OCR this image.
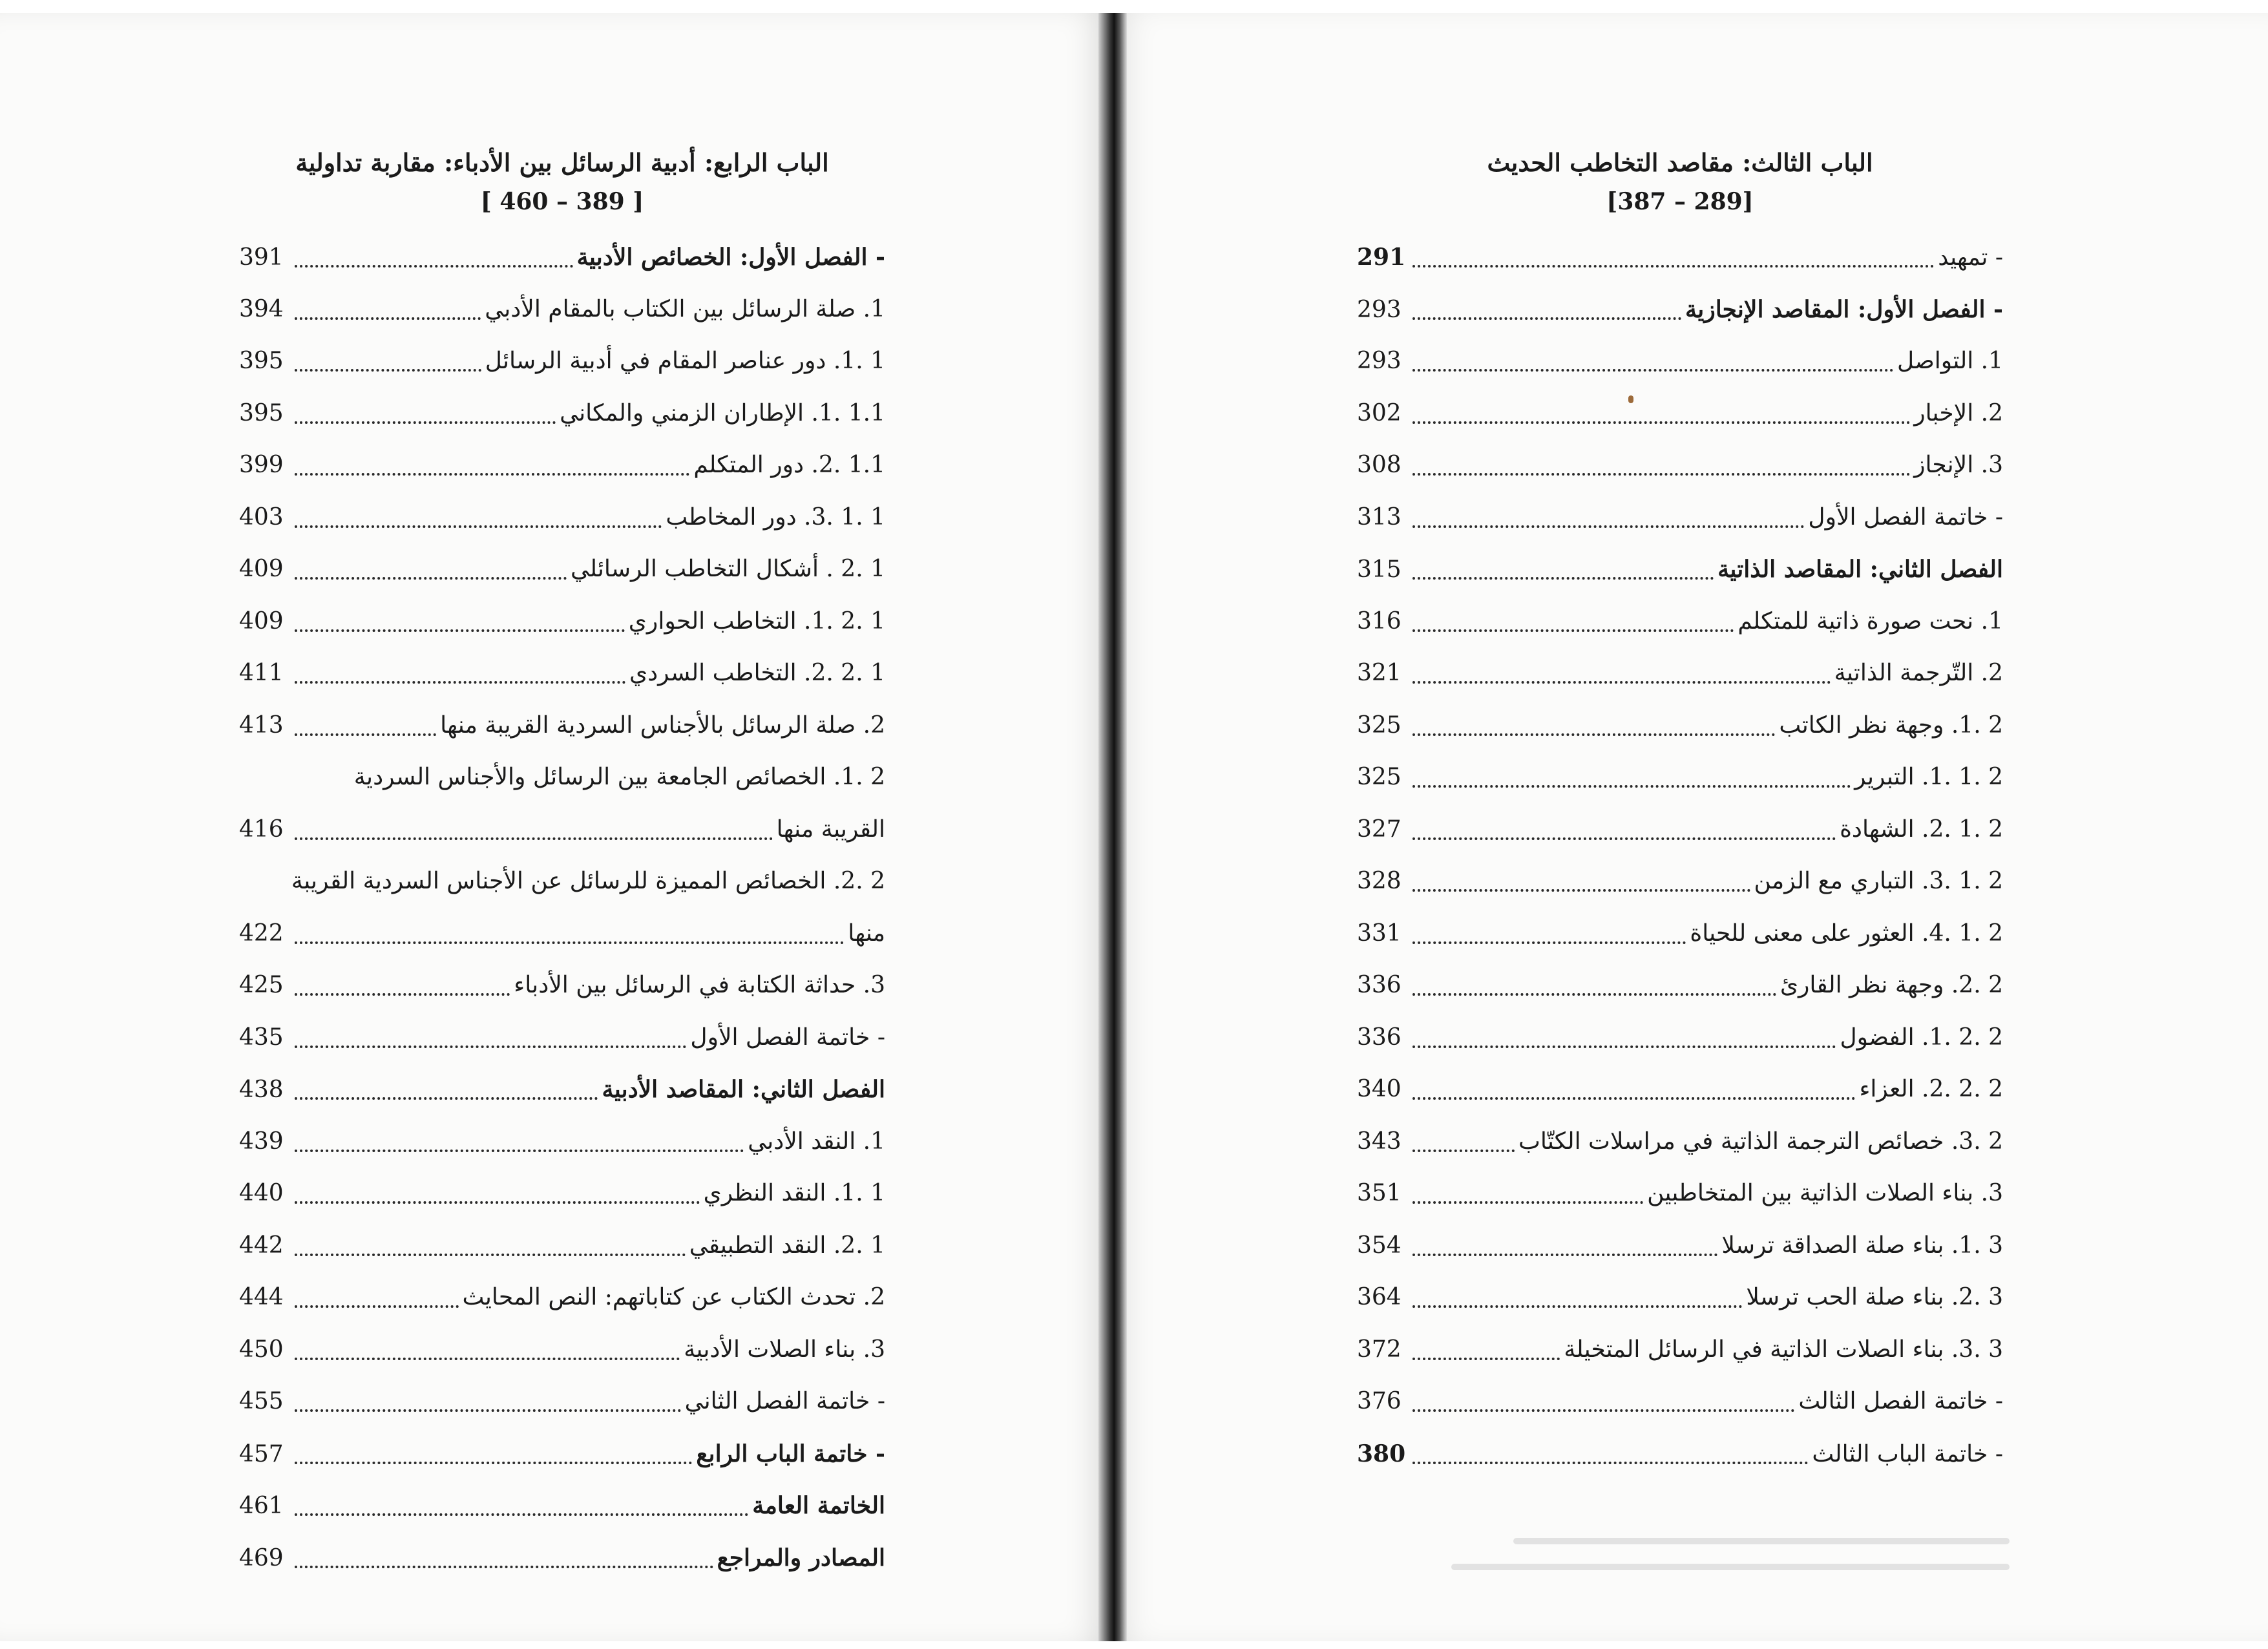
الباب الرابع: أدبية الرسائل بين الأدباء: مقاربة تداولية
[ 460 – 389 ]
- الفصل الأول: الخصائص الأدبية
391
1. صلة الرسائل بين الكتاب بالمقام الأدبي
394
1 .1. دور عناصر المقام في أدبية الرسائل
395
1.1 .1. الإطاران الزمني والمكاني
395
1.1 .2. دور المتكلم
399
1 .1 .3. دور المخاطب
403
1 .2 . أشكال التخاطب الرسائلي
409
1 .2 .1. التخاطب الحواري
409
1 .2 .2. التخاطب السردي
411
2. صلة الرسائل بالأجناس السردية القريبة منها
413
2 .1. الخصائص الجامعة بين الرسائل والأجناس السردية
القريبة منها
416
2 .2. الخصائص المميزة للرسائل عن الأجناس السردية القريبة
منها
422
3. حداثة الكتابة في الرسائل بين الأدباء
425
- خاتمة الفصل الأول
435
الفصل الثاني: المقاصد الأدبية
438
1. النقد الأدبي
439
1 .1. النقد النظري
440
1 .2. النقد التطبيقي
442
2. تحدث الكتاب عن كتاباتهم: النص المحايث
444
3. بناء الصلات الأدبية
450
- خاتمة الفصل الثاني
455
- خاتمة الباب الرابع
457
الخاتمة العامة
461
المصادر والمراجع
469
الباب الثالث: مقاصد التخاطب الحديث
[387 – 289]
- تمهيد
291
- الفصل الأول: المقاصد الإنجازية
293
1. التواصل
293
2. الإخبار
302
3. الإنجاز
308
- خاتمة الفصل الأول
313
الفصل الثاني: المقاصد الذاتية
315
1. نحت صورة ذاتية للمتكلم
316
2. التّرجمة الذاتية
321
2 .1. وجهة نظر الكاتب
325
2 .1 .1. التبرير
325
2 .1 .2. الشهادة
327
2 .1 .3. التباري مع الزمن
328
2 .1 .4. العثور على معنى للحياة
331
2 .2. وجهة نظر القارئ
336
2 .2 .1. الفضول
336
2 .2 .2. العزاء
340
2 .3. خصائص الترجمة الذاتية في مراسلات الكتّاب
343
3. بناء الصلات الذاتية بين المتخاطبين
351
3 .1. بناء صلة الصداقة ترسلا
354
3 .2. بناء صلة الحب ترسلا
364
3 .3. بناء الصلات الذاتية في الرسائل المتخيلة
372
- خاتمة الفصل الثالث
376
- خاتمة الباب الثالث
380
